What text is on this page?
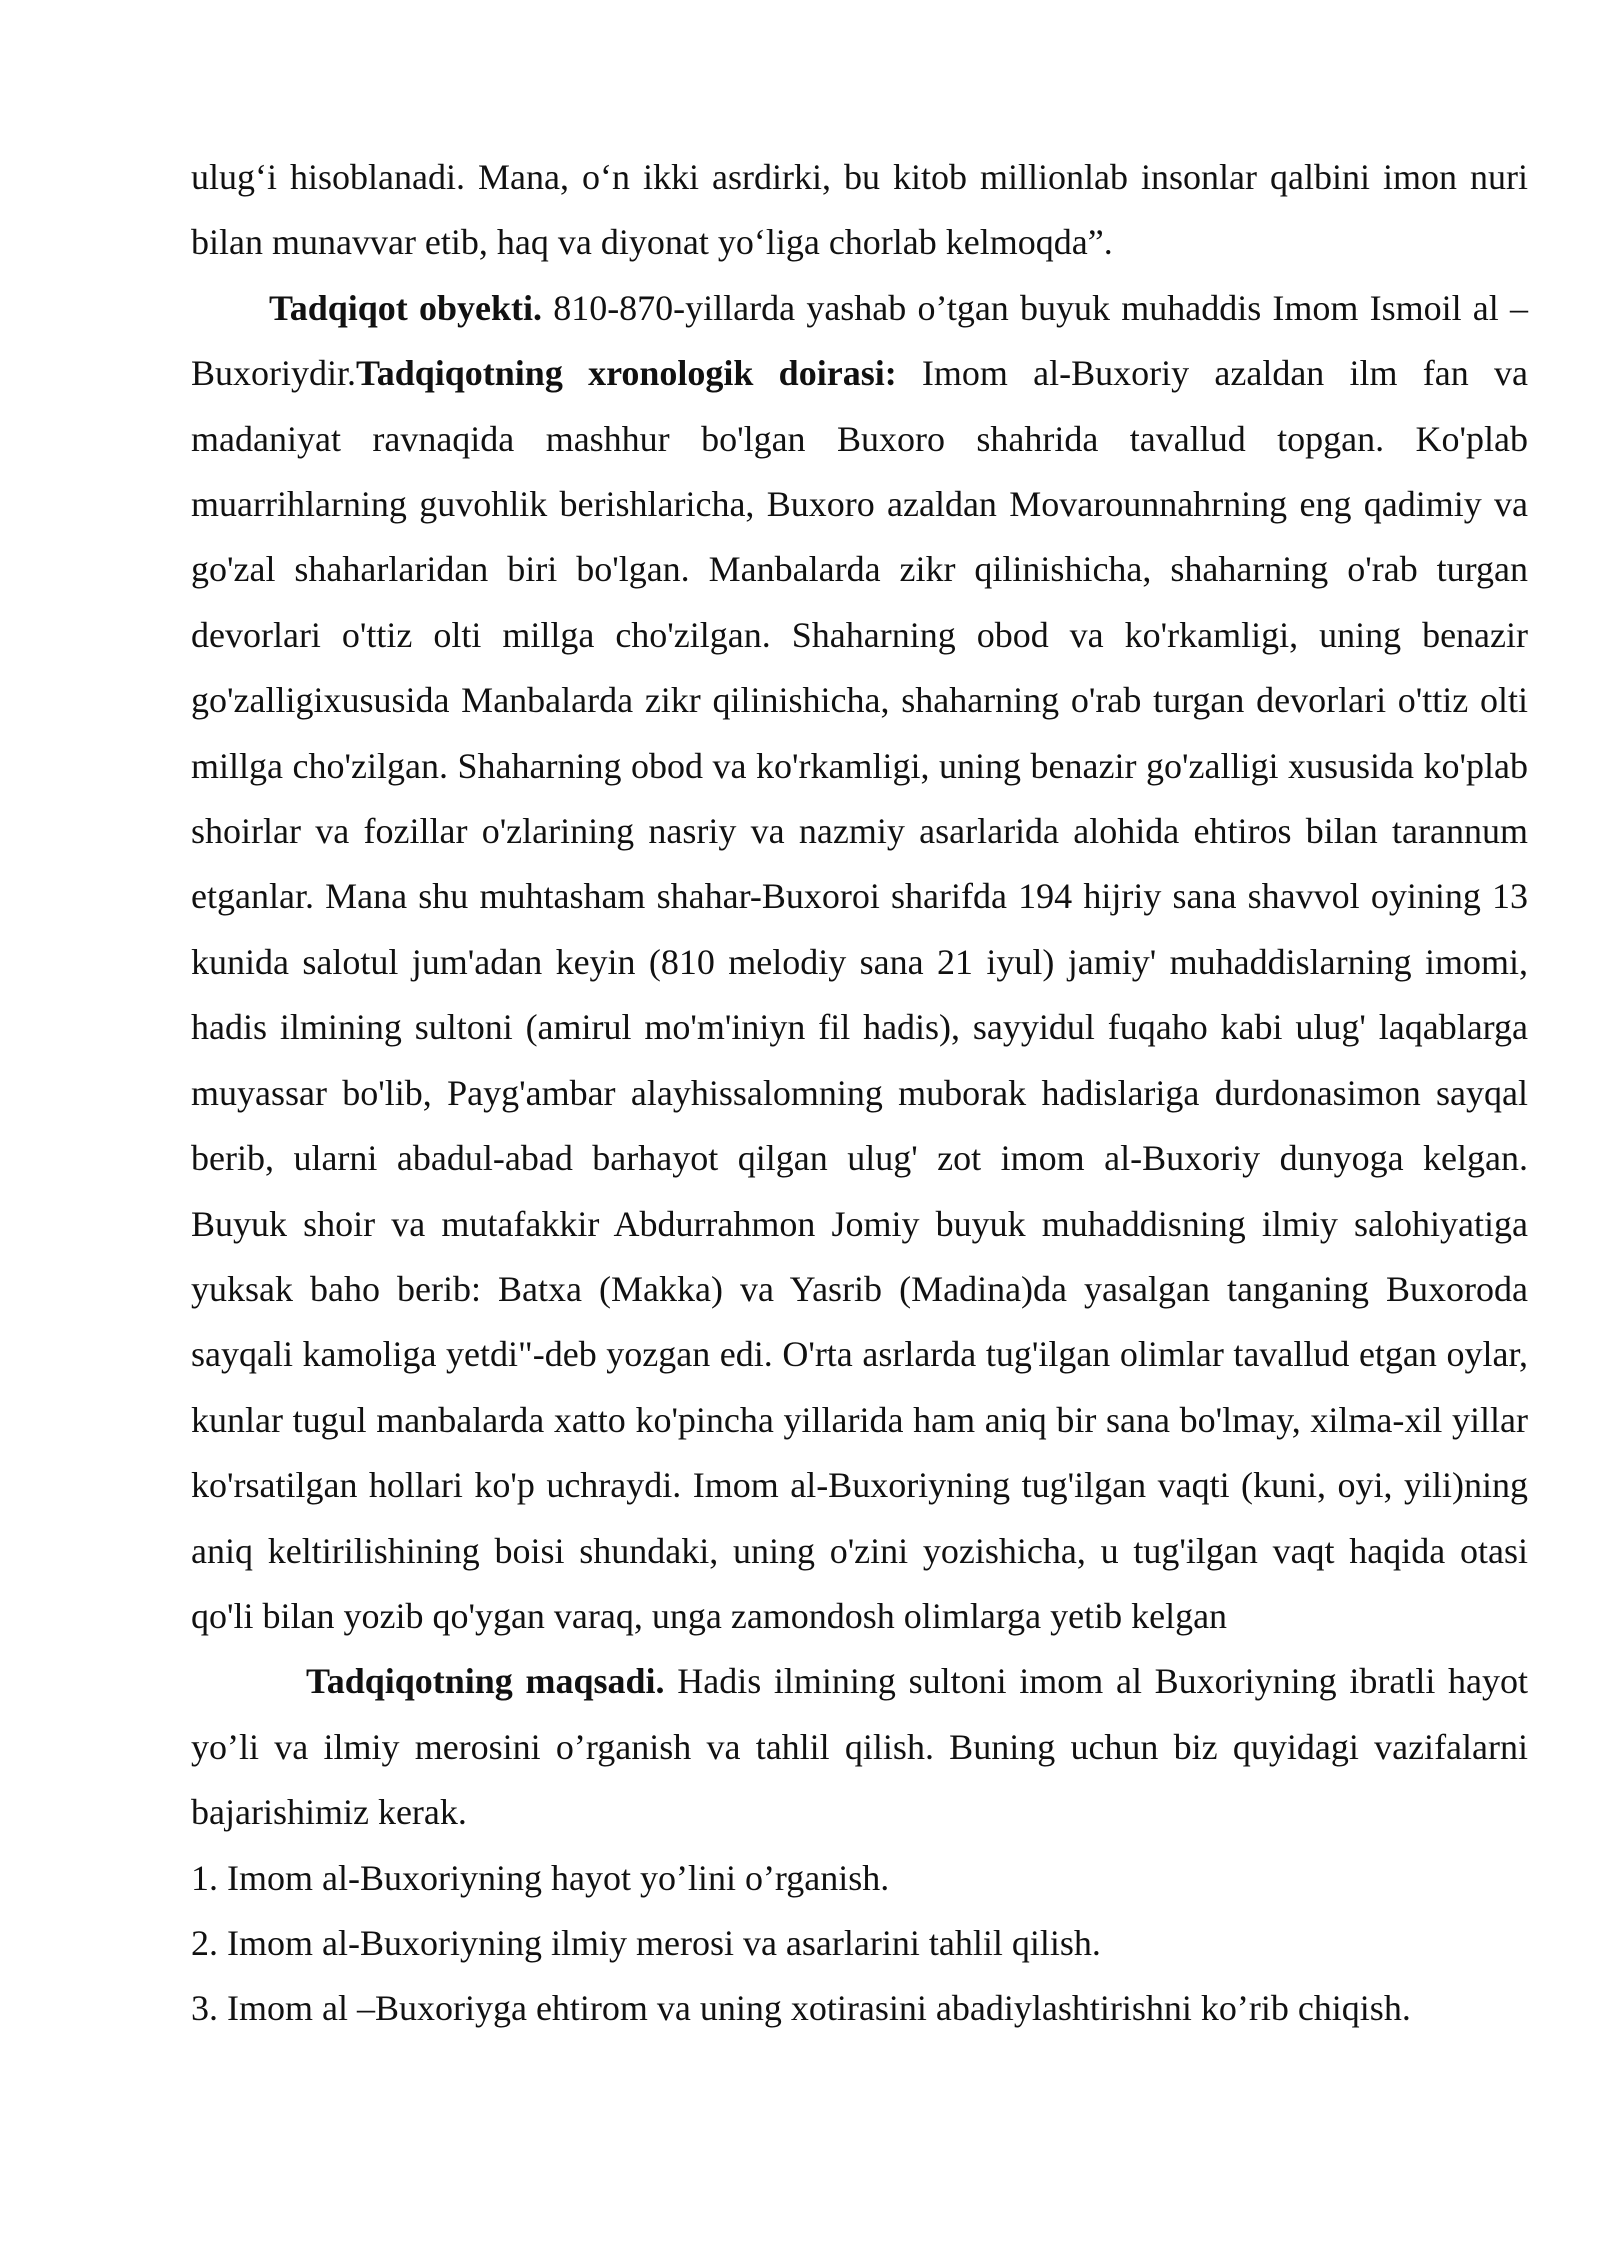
ulug‘i hisoblanadi. Mana, o‘n ikki asrdirki, bu kitob millionlab insonlar qalbini imon nuri bilan munavvar etib, haq va diyonat yo‘liga chorlab kelmoqda”.

Tadqiqot obyekti. 810-870-yillarda yashab o’tgan buyuk muhaddis Imom Ismoil al –Buxoriydir.Tadqiqotning xronologik doirasi: Imom al-Buxoriy azaldan ilm fan va madaniyat ravnaqida mashhur bo'lgan Buxoro shahrida tavallud topgan. Ko'plab muarrihlarning guvohlik berishlaricha, Buxoro azaldan Movarounnahrning eng qadimiy va go'zal shaharlaridan biri bo'lgan. Manbalarda zikr qilinishicha, shaharning o'rab turgan devorlari o'ttiz olti millga cho'zilgan. Shaharning obod va ko'rkamligi, uning benazir go'zalligixususida Manbalarda zikr qilinishicha, shaharning o'rab turgan devorlari o'ttiz olti millga cho'zilgan. Shaharning obod va ko'rkamligi, uning benazir go'zalligi xususida ko'plab shoirlar va fozillar o'zlarining nasriy va nazmiy asarlarida alohida ehtiros bilan tarannum etganlar. Mana shu muhtasham shahar-Buxoroi sharifda 194 hijriy sana shavvol oyining 13 kunida salotul jum'adan keyin (810 melodiy sana 21 iyul) jamiy' muhaddislarning imomi, hadis ilmining sultoni (amirul mo'm'iniyn fil hadis), sayyidul fuqaho kabi ulug' laqablarga muyassar bo'lib, Payg'ambar alayhissalomning muborak hadislariga durdonasimon sayqal berib, ularni abadul-abad barhayot qilgan ulug' zot imom al-Buxoriy dunyoga kelgan. Buyuk shoir va mutafakkir Abdurrahmon Jomiy buyuk muhaddisning ilmiy salohiyatiga yuksak baho berib: Batxa (Makka) va Yasrib (Madina)da yasalgan tanganing Buxoroda sayqali kamoliga yetdi"-deb yozgan edi. O'rta asrlarda tug'ilgan olimlar tavallud etgan oylar, kunlar tugul manbalarda xatto ko'pincha yillarida ham aniq bir sana bo'lmay, xilma-xil yillar ko'rsatilgan hollari ko'p uchraydi. Imom al-Buxoriyning tug'ilgan vaqti (kuni, oyi, yili)ning aniq keltirilishining boisi shundaki, uning o'zini yozishicha, u tug'ilgan vaqt haqida otasi qo'li bilan yozib qo'ygan varaq, unga zamondosh olimlarga yetib kelgan

Tadqiqotning maqsadi. Hadis ilmining sultoni imom al Buxoriyning ibratli hayot yo’li va ilmiy merosini o’rganish va tahlil qilish. Buning uchun biz quyidagi vazifalarni bajarishimiz kerak.

1. Imom al-Buxoriyning hayot yo’lini o’rganish.

2. Imom al-Buxoriyning ilmiy merosi va asarlarini tahlil qilish.

3. Imom al –Buxoriyga ehtirom va uning xotirasini abadiylashtirishni ko’rib chiqish.
